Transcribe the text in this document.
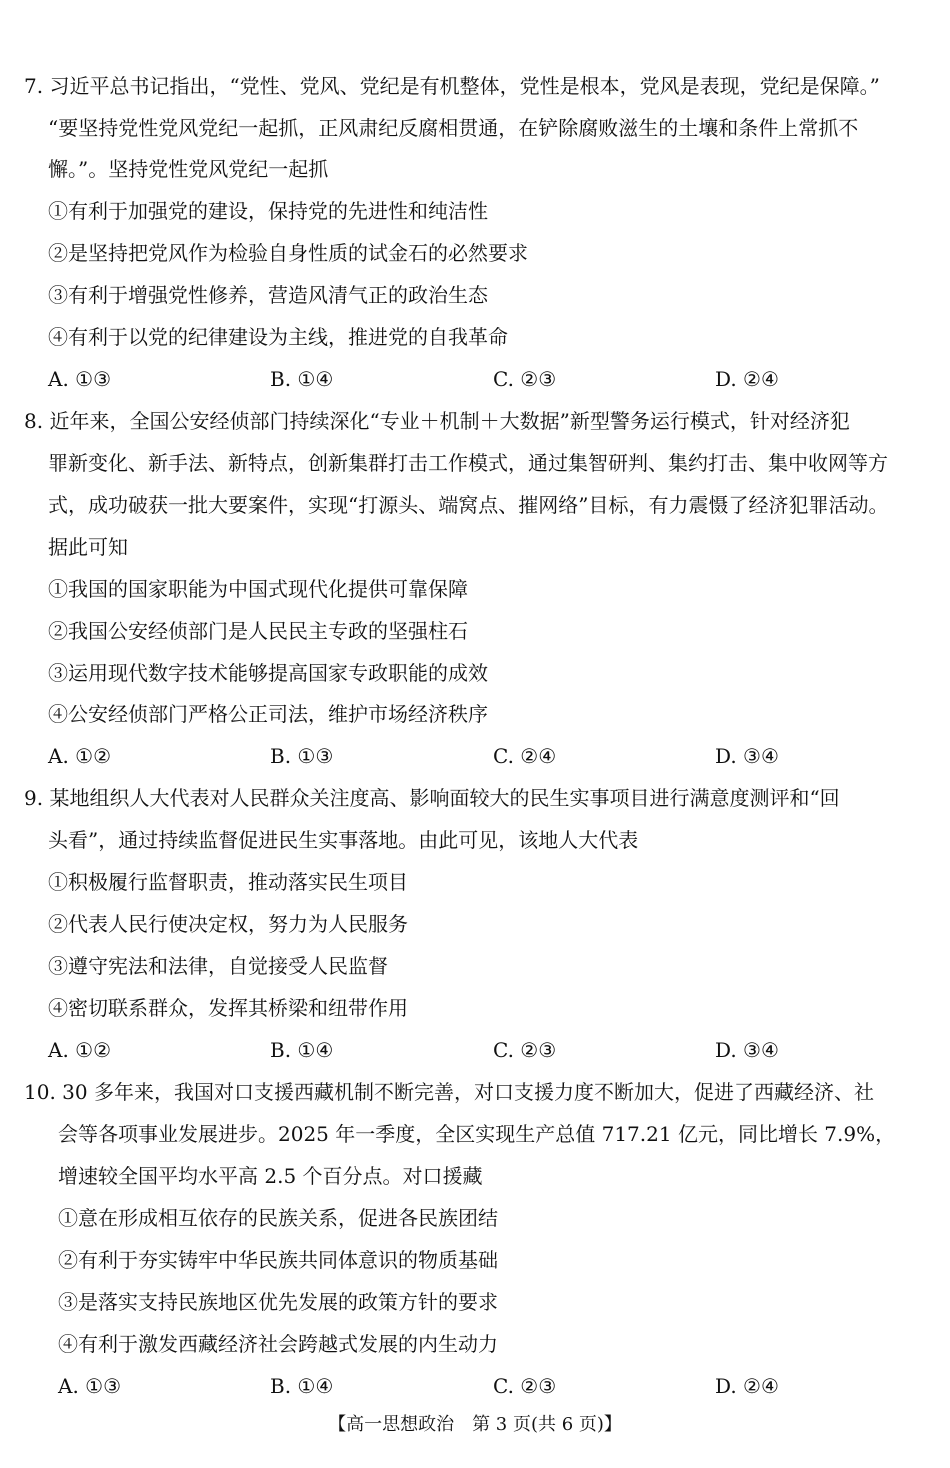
7. 习近平总书记指出，“党性、党风、党纪是有机整体，党性是根本，党风是表现，党纪是保障。”
“要坚持党性党风党纪一起抓，正风肃纪反腐相贯通，在铲除腐败滋生的土壤和条件上常抓不
懈。”。坚持党性党风党纪一起抓
①有利于加强党的建设，保持党的先进性和纯洁性
②是坚持把党风作为检验自身性质的试金石的必然要求
③有利于增强党性修养，营造风清气正的政治生态
④有利于以党的纪律建设为主线，推进党的自我革命
A. ①③	B. ①④	C. ②③	D. ②④
8. 近年来，全国公安经侦部门持续深化“专业＋机制＋大数据”新型警务运行模式，针对经济犯
罪新变化、新手法、新特点，创新集群打击工作模式，通过集智研判、集约打击、集中收网等方
式，成功破获一批大要案件，实现“打源头、端窝点、摧网络”目标，有力震慑了经济犯罪活动。
据此可知
①我国的国家职能为中国式现代化提供可靠保障
②我国公安经侦部门是人民民主专政的坚强柱石
③运用现代数字技术能够提高国家专政职能的成效
④公安经侦部门严格公正司法，维护市场经济秩序
A. ①②	B. ①③	C. ②④	D. ③④
9. 某地组织人大代表对人民群众关注度高、影响面较大的民生实事项目进行满意度测评和“回
头看”，通过持续监督促进民生实事落地。由此可见，该地人大代表
①积极履行监督职责，推动落实民生项目
②代表人民行使决定权，努力为人民服务
③遵守宪法和法律，自觉接受人民监督
④密切联系群众，发挥其桥梁和纽带作用
A. ①②	B. ①④	C. ②③	D. ③④
10. 30 多年来，我国对口支援西藏机制不断完善，对口支援力度不断加大，促进了西藏经济、社
会等各项事业发展进步。2025 年一季度，全区实现生产总值 717.21 亿元，同比增长 7.9%，
增速较全国平均水平高 2.5 个百分点。对口援藏
①意在形成相互依存的民族关系，促进各民族团结
②有利于夯实铸牢中华民族共同体意识的物质基础
③是落实支持民族地区优先发展的政策方针的要求
④有利于激发西藏经济社会跨越式发展的内生动力
A. ①③	B. ①④	C. ②③	D. ②④
【高一思想政治　第 3 页(共 6 页)】
